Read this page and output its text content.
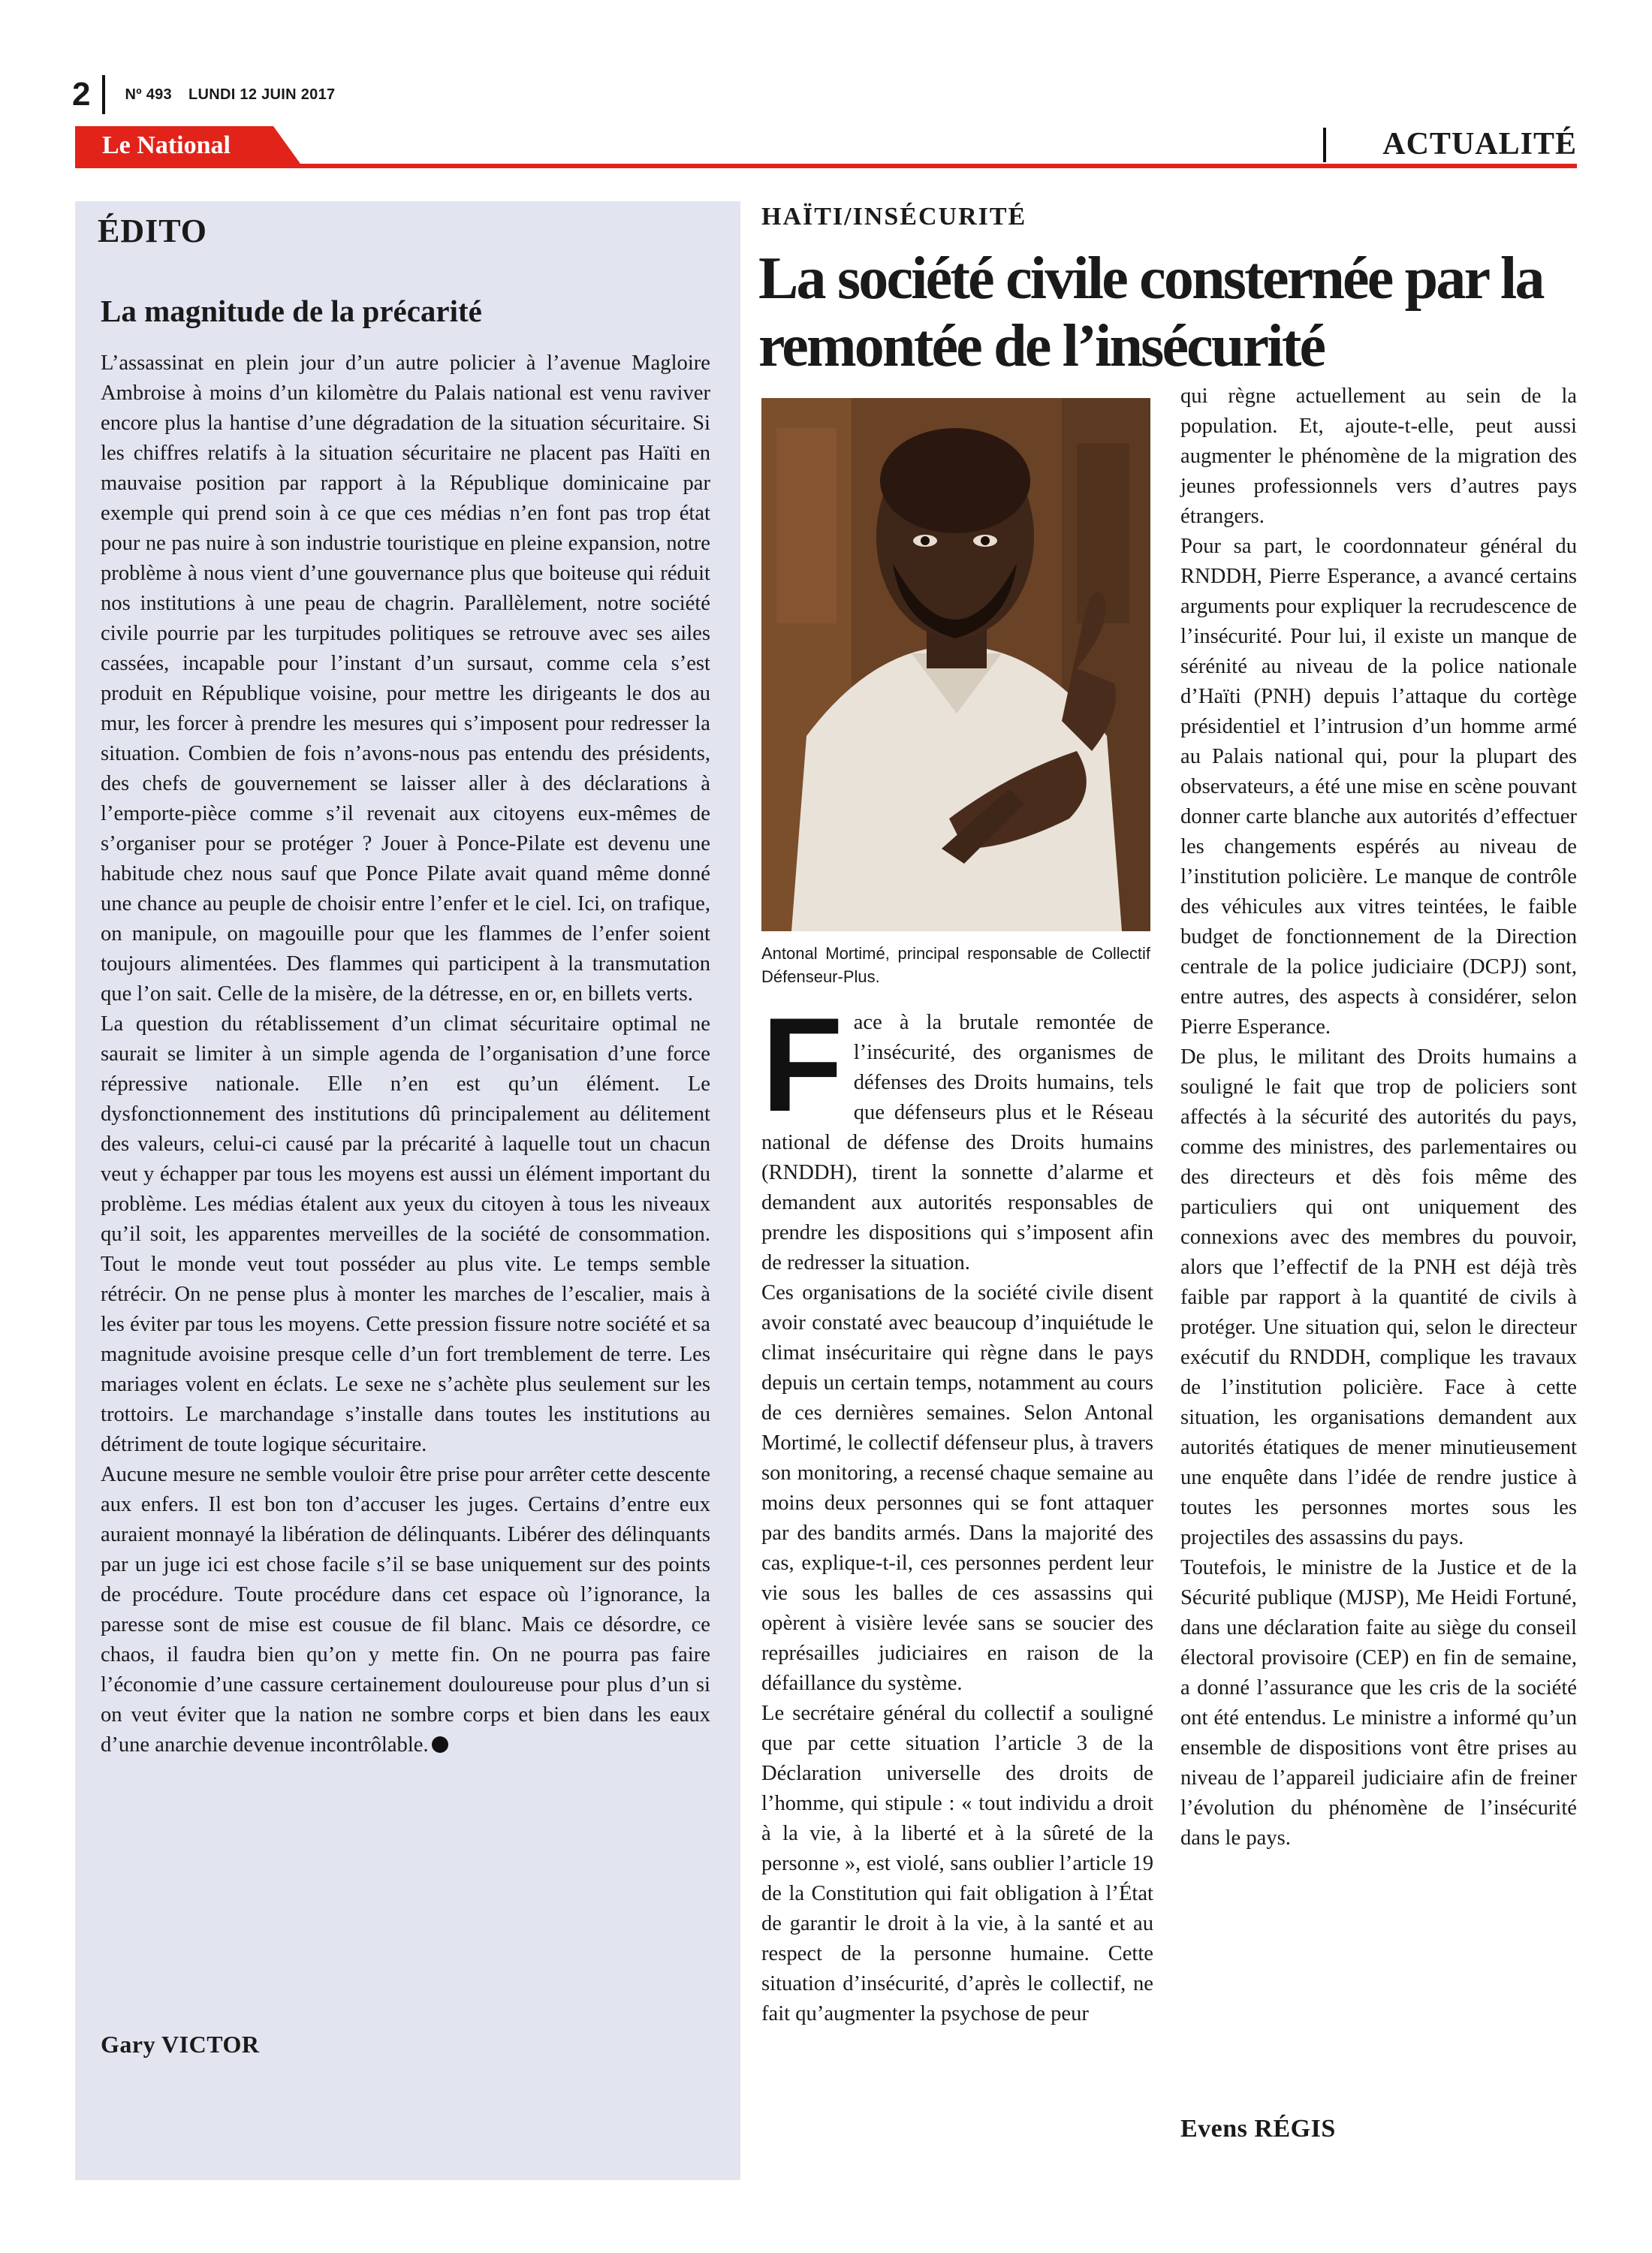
2 Nº 493 LUNDI 12 JUIN 2017
Le National	ACTUALITÉ
ÉDITO
La magnitude de la précarité

L’assassinat en plein jour d’un autre policier à l’avenue Magloire Ambroise à moins d’un kilomètre du Palais national est venu raviver encore plus la hantise d’une dégradation de la situation sécuritaire. Si les chiffres relatifs à la situation sécuritaire ne placent pas Haïti en mauvaise position par rapport à la République dominicaine par exemple qui prend soin à ce que ces médias n’en font pas trop état pour ne pas nuire à son industrie touristique en pleine expansion, notre problème à nous vient d’une gouvernance plus que boiteuse qui réduit nos institutions à une peau de chagrin. Parallèlement, notre société civile pourrie par les turpitudes politiques se retrouve avec ses ailes cassées, incapable pour l’instant d’un sursaut, comme cela s’est produit en République voisine, pour mettre les dirigeants le dos au mur, les forcer à prendre les mesures qui s’imposent pour redresser la situation. Combien de fois n’avons-nous pas entendu des présidents, des chefs de gouvernement se laisser aller à des déclarations à l’emporte-pièce comme s’il revenait aux citoyens eux-mêmes de s’organiser pour se protéger ? Jouer à Ponce-Pilate est devenu une habitude chez nous sauf que Ponce Pilate avait quand même donné une chance au peuple de choisir entre l’enfer et le ciel. Ici, on trafique, on manipule, on magouille pour que les flammes de l’enfer soient toujours alimentées. Des flammes qui participent à la transmutation que l’on sait. Celle de la misère, de la détresse, en or, en billets verts.

La question du rétablissement d’un climat sécuritaire optimal ne saurait se limiter à un simple agenda de l’organisation d’une force répressive nationale. Elle n’en est qu’un élément. Le dysfonctionnement des institutions dû principalement au délitement des valeurs, celui-ci causé par la précarité à laquelle tout un chacun veut y échapper par tous les moyens est aussi un élément important du problème. Les médias étalent aux yeux du citoyen à tous les niveaux qu’il soit, les apparentes merveilles de la société de consommation. Tout le monde veut tout posséder au plus vite. Le temps semble rétrécir. On ne pense plus à monter les marches de l’escalier, mais à les éviter par tous les moyens. Cette pression fissure notre société et sa magnitude avoisine presque celle d’un fort tremblement de terre. Les mariages volent en éclats. Le sexe ne s’achète plus seulement sur les trottoirs. Le marchandage s’installe dans toutes les institutions au détriment de toute logique sécuritaire.

Aucune mesure ne semble vouloir être prise pour arrêter cette descente aux enfers. Il est bon ton d’accuser les juges. Certains d’entre eux auraient monnayé la libération de délinquants. Libérer des délinquants par un juge ici est chose facile s’il se base uniquement sur des points de procédure. Toute procédure dans cet espace où l’ignorance, la paresse sont de mise est cousue de fil blanc. Mais ce désordre, ce chaos, il faudra bien qu’on y mette fin. On ne pourra pas faire l’économie d’une cassure certainement douloureuse pour plus d’un si on veut éviter que la nation ne sombre corps et bien dans les eaux d’une anarchie devenue incontrôlable.

Gary VICTOR
HAÏTI/INSÉCURITÉ
La société civile consternée par la remontée de l’insécurité
Antonal Mortimé, principal responsable de Collectif Défenseur-Plus.

Face à la brutale remontée de l’insécurité, des organismes de défenses des Droits humains, tels que défenseurs plus et le Réseau national de défense des Droits humains (RNDDH), tirent la sonnette d’alarme et demandent aux autorités responsables de prendre les dispositions qui s’imposent afin de redresser la situation.

Ces organisations de la société civile disent avoir constaté avec beaucoup d’inquiétude le climat insécuritaire qui règne dans le pays depuis un certain temps, notamment au cours de ces dernières semaines. Selon Antonal Mortimé, le collectif défenseur plus, à travers son monitoring, a recensé chaque semaine au moins deux personnes qui se font attaquer par des bandits armés. Dans la majorité des cas, explique-t-il, ces personnes perdent leur vie sous les balles de ces assassins qui opèrent à visière levée sans se soucier des représailles judiciaires en raison de la défaillance du système.

Le secrétaire général du collectif a souligné que par cette situation l’article 3 de la Déclaration universelle des droits de l’homme, qui stipule : « tout individu a droit à la vie, à la liberté et à la sûreté de la personne », est violé, sans oublier l’article 19 de la Constitution qui fait obligation à l’État de garantir le droit à la vie, à la santé et au respect de la personne humaine. Cette situation d’insécurité, d’après le collectif, ne fait qu’augmenter la psychose de peur

qui règne actuellement au sein de la population. Et, ajoute-t-elle, peut aussi augmenter le phénomène de la migration des jeunes professionnels vers d’autres pays étrangers.

Pour sa part, le coordonnateur général du RNDDH, Pierre Esperance, a avancé certains arguments pour expliquer la recrudescence de l’insécurité. Pour lui, il existe un manque de sérénité au niveau de la police nationale d’Haïti (PNH) depuis l’attaque du cortège présidentiel et l’intrusion d’un homme armé au Palais national qui, pour la plupart des observateurs, a été une mise en scène pouvant donner carte blanche aux autorités d’effectuer les changements espérés au niveau de l’institution policière. Le manque de contrôle des véhicules aux vitres teintées, le faible budget de fonctionnement de la Direction centrale de la police judiciaire (DCPJ) sont, entre autres, des aspects à considérer, selon Pierre Esperance.

De plus, le militant des Droits humains a souligné le fait que trop de policiers sont affectés à la sécurité des autorités du pays, comme des ministres, des parlementaires ou des directeurs et dès fois même des particuliers qui ont uniquement des connexions avec des membres du pouvoir, alors que l’effectif de la PNH est déjà très faible par rapport à la quantité de civils à protéger. Une situation qui, selon le directeur exécutif du RNDDH, complique les travaux de l’institution policière. Face à cette situation, les organisations demandent aux autorités étatiques de mener minutieusement une enquête dans l’idée de rendre justice à toutes les personnes mortes sous les projectiles des assassins du pays.

Toutefois, le ministre de la Justice et de la Sécurité publique (MJSP), Me Heidi Fortuné, dans une déclaration faite au siège du conseil électoral provisoire (CEP) en fin de semaine, a donné l’assurance que les cris de la société ont été entendus. Le ministre a informé qu’un ensemble de dispositions vont être prises au niveau de l’appareil judiciaire afin de freiner l’évolution du phénomène de l’insécurité dans le pays.

Evens RÉGIS
